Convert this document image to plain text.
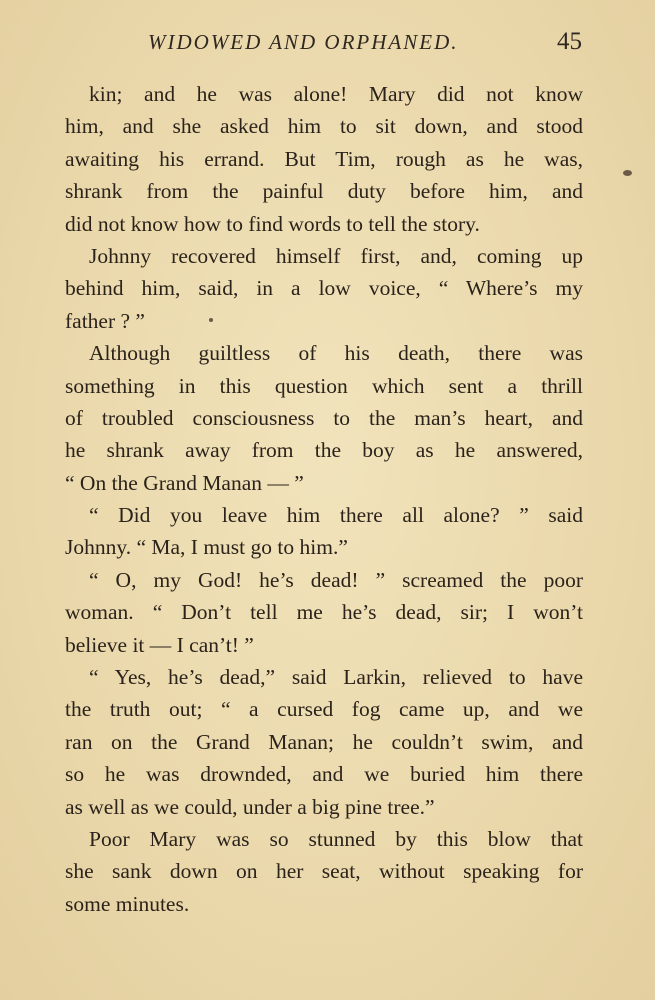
WIDOWED AND ORPHANED.	45
kin; and he was alone! Mary did not know
him, and she asked him to sit down, and stood
awaiting his errand. But Tim, rough as he was,
shrank from the painful duty before him, and
did not know how to find words to tell the story.
Johnny recovered himself first, and, coming up
behind him, said, in a low voice, “ Where’s my
father ? ”
Although guiltless of his death, there was
something in this question which sent a thrill
of troubled consciousness to the man’s heart, and
he shrank away from the boy as he answered,
“ On the Grand Manan — ”
“ Did you leave him there all alone? ” said
Johnny. “ Ma, I must go to him.”
“ O, my God! he’s dead! ” screamed the poor
woman. “ Don’t tell me he’s dead, sir; I won’t
believe it — I can’t! ”
“ Yes, he’s dead,” said Larkin, relieved to have
the truth out; “ a cursed fog came up, and we
ran on the Grand Manan; he couldn’t swim, and
so he was drownded, and we buried him there
as well as we could, under a big pine tree.”
Poor Mary was so stunned by this blow that
she sank down on her seat, without speaking for
some minutes.
